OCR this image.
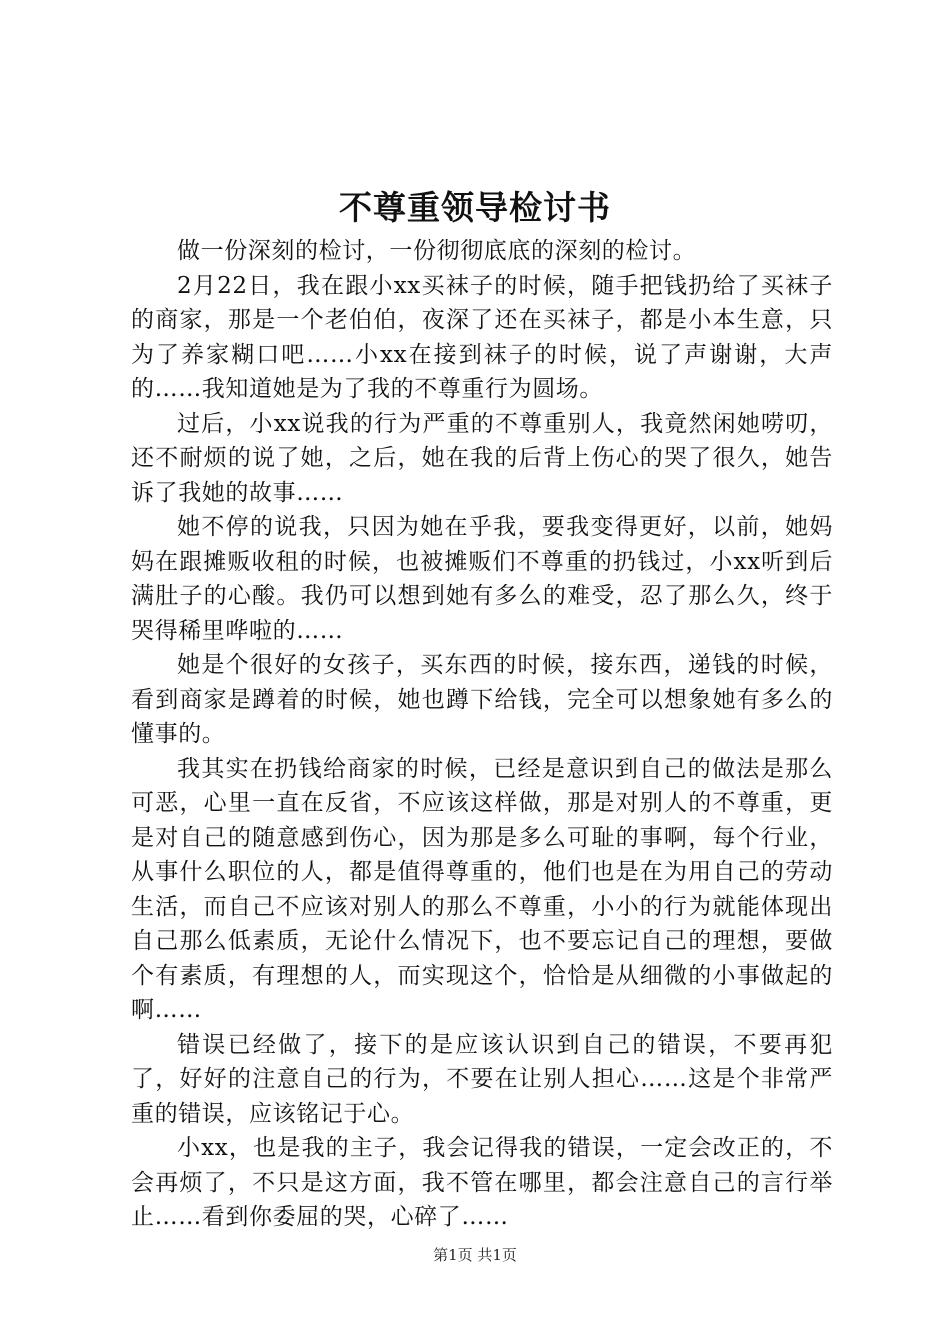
不尊重领导检讨书

做一份深刻的检讨，一份彻彻底底的深刻的检讨。

2月22日，我在跟小xx买袜子的时候，随手把钱扔给了买袜子的商家，那是一个老伯伯，夜深了还在买袜子，都是小本生意，只为了养家糊口吧……小xx在接到袜子的时候，说了声谢谢，大声的……我知道她是为了我的不尊重行为圆场。

过后，小xx说我的行为严重的不尊重别人，我竟然闲她唠叨，还不耐烦的说了她，之后，她在我的后背上伤心的哭了很久，她告诉了我她的故事……

她不停的说我，只因为她在乎我，要我变得更好，以前，她妈妈在跟摊贩收租的时候，也被摊贩们不尊重的扔钱过，小xx听到后满肚子的心酸。我仍可以想到她有多么的难受，忍了那么久，终于哭得稀里哗啦的……

她是个很好的女孩子，买东西的时候，接东西，递钱的时候，看到商家是蹲着的时候，她也蹲下给钱，完全可以想象她有多么的懂事的。

我其实在扔钱给商家的时候，已经是意识到自己的做法是那么可恶，心里一直在反省，不应该这样做，那是对别人的不尊重，更是对自己的随意感到伤心，因为那是多么可耻的事啊，每个行业，从事什么职位的人，都是值得尊重的，他们也是在为用自己的劳动生活，而自己不应该对别人的那么不尊重，小小的行为就能体现出自己那么低素质，无论什么情况下，也不要忘记自己的理想，要做个有素质，有理想的人，而实现这个，恰恰是从细微的小事做起的啊……

错误已经做了，接下的是应该认识到自己的错误，不要再犯了，好好的注意自己的行为，不要在让别人担心……这是个非常严重的错误，应该铭记于心。

小xx，也是我的主子，我会记得我的错误，一定会改正的，不会再烦了，不只是这方面，我不管在哪里，都会注意自己的言行举止……看到你委屈的哭，心碎了……

第1页 共1页
